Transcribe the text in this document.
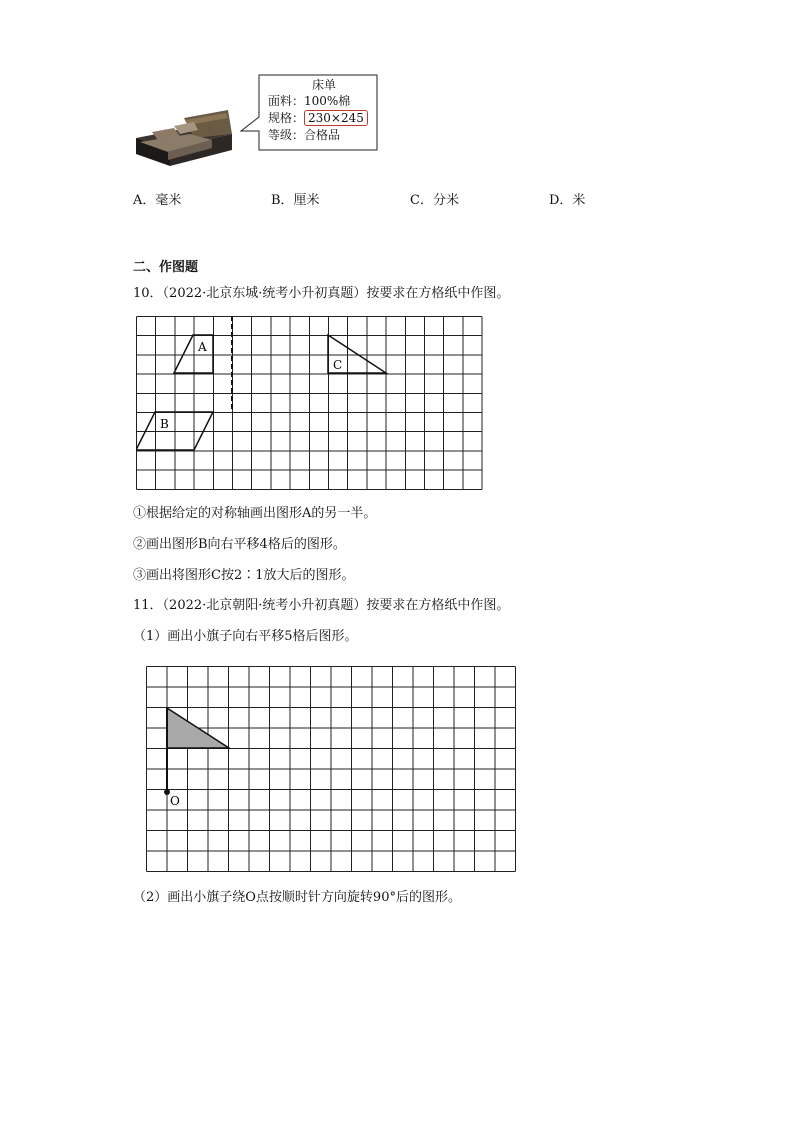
床单
面料：100%棉
规格： 230×245
等级：合格品
A．毫米	B．厘米	C．分米	D．米
二、作图题
10．（2022·北京东城·统考小升初真题）按要求在方格纸中作图。
A
B
C
①根据给定的对称轴画出图形A的另一半。
②画出图形B向右平移4格后的图形。
③画出将图形C按2∶1放大后的图形。
11．（2022·北京朝阳·统考小升初真题）按要求在方格纸中作图。
（1）画出小旗子向右平移5格后图形。
O
（2）画出小旗子绕O点按顺时针方向旋转90°后的图形。
